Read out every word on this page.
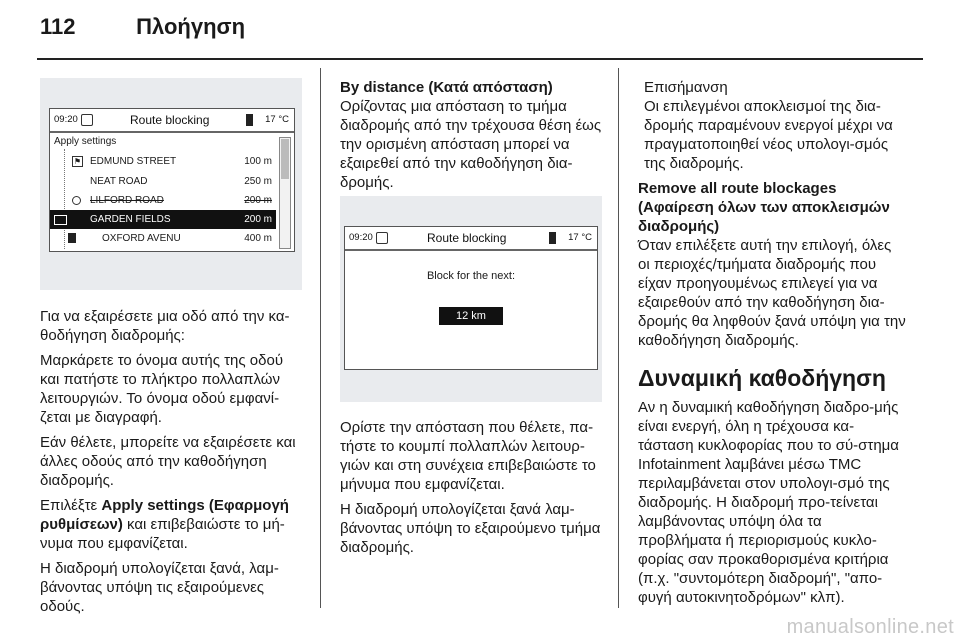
112	Πλοήγηση
09:20	Route blocking	17 °C
Apply settings
⚑ EDMUND STREET	100 m
NEAT ROAD	250 m
LILFORD ROAD	200 m
GARDEN FIELDS	200 m
OXFORD AVENU	400 m

Για να εξαιρέσετε μια οδό από την κα-θοδήγηση διαδρομής:

Μαρκάρετε το όνομα αυτής της οδού και πατήστε το πλήκτρο πολλαπλών λειτουργιών. Το όνομα οδού εμφανί-ζεται με διαγραφή.

Εάν θέλετε, μπορείτε να εξαιρέσετε και άλλες οδούς από την καθοδήγηση διαδρομής.

Επιλέξτε Apply settings (Εφαρμογή ρυθμίσεων) και επιβεβαιώστε το μή-νυμα που εμφανίζεται.

Η διαδρομή υπολογίζεται ξανά, λαμ-βάνοντας υπόψη τις εξαιρούμενες οδούς.

By distance (Κατά απόσταση)

Ορίζοντας μια απόσταση το τμήμα διαδρομής από την τρέχουσα θέση έως την ορισμένη απόσταση μπορεί να εξαιρεθεί από την καθοδήγηση δια-δρομής.

09:20	Route blocking	17 °C
Block for the next:
12 km

Ορίστε την απόσταση που θέλετε, πα-τήστε το κουμπί πολλαπλών λειτουρ-γιών και στη συνέχεια επιβεβαιώστε το μήνυμα που εμφανίζεται.

Η διαδρομή υπολογίζεται ξανά λαμ-βάνοντας υπόψη το εξαιρούμενο τμήμα διαδρομής.

Επισήμανση
Οι επιλεγμένοι αποκλεισμοί της δια-δρομής παραμένουν ενεργοί μέχρι να πραγματοποιηθεί νέος υπολογι-σμός της διαδρομής.

Remove all route blockages (Αφαίρεση όλων των αποκλεισμών διαδρομής)

Όταν επιλέξετε αυτή την επιλογή, όλες οι περιοχές/τμήματα διαδρομής που είχαν προηγουμένως επιλεγεί για να εξαιρεθούν από την καθοδήγηση δια-δρομής θα ληφθούν ξανά υπόψη για την καθοδήγηση διαδρομής.

Δυναμική καθοδήγηση

Αν η δυναμική καθοδήγηση διαδρο-μής είναι ενεργή, όλη η τρέχουσα κα-τάσταση κυκλοφορίας που το σύ-στημα Infotainment λαμβάνει μέσω TMC περιλαμβάνεται στον υπολογι-σμό της διαδρομής. Η διαδρομή προ-τείνεται λαμβάνοντας υπόψη όλα τα προβλήματα ή περιορισμούς κυκλο-φορίας σαν προκαθορισμένα κριτήρια (π.χ. "συντομότερη διαδρομή", "απο-φυγή αυτοκινητοδρόμων" κλπ).

manualsonline.net
